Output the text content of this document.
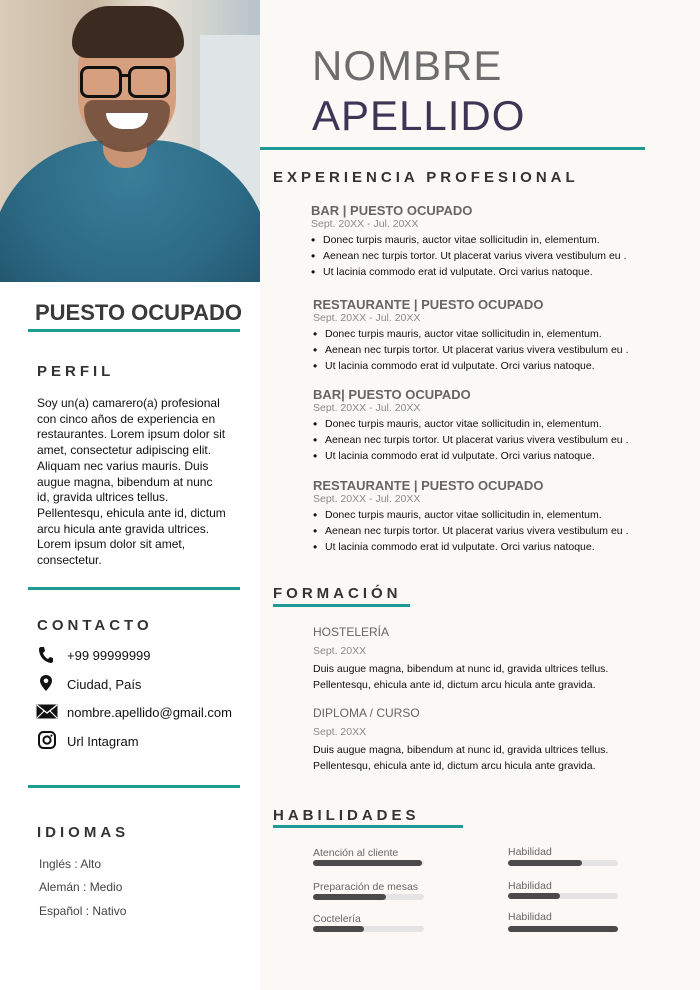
NOMBRE
APELLIDO
EXPERIENCIA PROFESIONAL
BAR | PUESTO OCUPADO
Sept. 20XX - Jul. 20XX
• Donec turpis mauris, auctor vitae sollicitudin in, elementum.
• Aenean nec turpis tortor. Ut placerat varius vivera vestibulum eu .
• Ut lacinia commodo erat id vulputate. Orci varius natoque.
RESTAURANTE | PUESTO OCUPADO
Sept. 20XX - Jul. 20XX
• Donec turpis mauris, auctor vitae sollicitudin in, elementum.
• Aenean nec turpis tortor. Ut placerat varius vivera vestibulum eu .
• Ut lacinia commodo erat id vulputate. Orci varius natoque.
BAR| PUESTO OCUPADO
Sept. 20XX - Jul. 20XX
• Donec turpis mauris, auctor vitae sollicitudin in, elementum.
• Aenean nec turpis tortor. Ut placerat varius vivera vestibulum eu .
• Ut lacinia commodo erat id vulputate. Orci varius natoque.
RESTAURANTE | PUESTO OCUPADO
Sept. 20XX - Jul. 20XX
• Donec turpis mauris, auctor vitae sollicitudin in, elementum.
• Aenean nec turpis tortor. Ut placerat varius vivera vestibulum eu .
• Ut lacinia commodo erat id vulputate. Orci varius natoque.
FORMACIÓN
HOSTELERÍA
Sept. 20XX
Duis augue magna, bibendum at nunc id, gravida ultrices tellus. Pellentesqu, ehicula ante id, dictum arcu hicula ante gravida.
DIPLOMA / CURSO
Sept. 20XX
Duis augue magna, bibendum at nunc id, gravida ultrices tellus. Pellentesqu, ehicula ante id, dictum arcu hicula ante gravida.
HABILIDADES
Atención al cliente
Preparación de mesas
Coctelería
Habilidad
Habilidad
Habilidad
PUESTO OCUPADO
PERFIL
Soy un(a) camarero(a) profesional con cinco años de experiencia en restaurantes. Lorem ipsum dolor sit amet, consectetur adipiscing elit. Aliquam nec varius mauris. Duis augue magna, bibendum at nunc id, gravida ultrices tellus. Pellentesqu, ehicula ante id, dictum arcu hicula ante gravida ultrices. Lorem ipsum dolor sit amet, consectetur.
CONTACTO
+99 99999999
Ciudad, País
nombre.apellido@gmail.com
Url Intagram
IDIOMAS
Inglés : Alto
Alemán : Medio
Español : Nativo
